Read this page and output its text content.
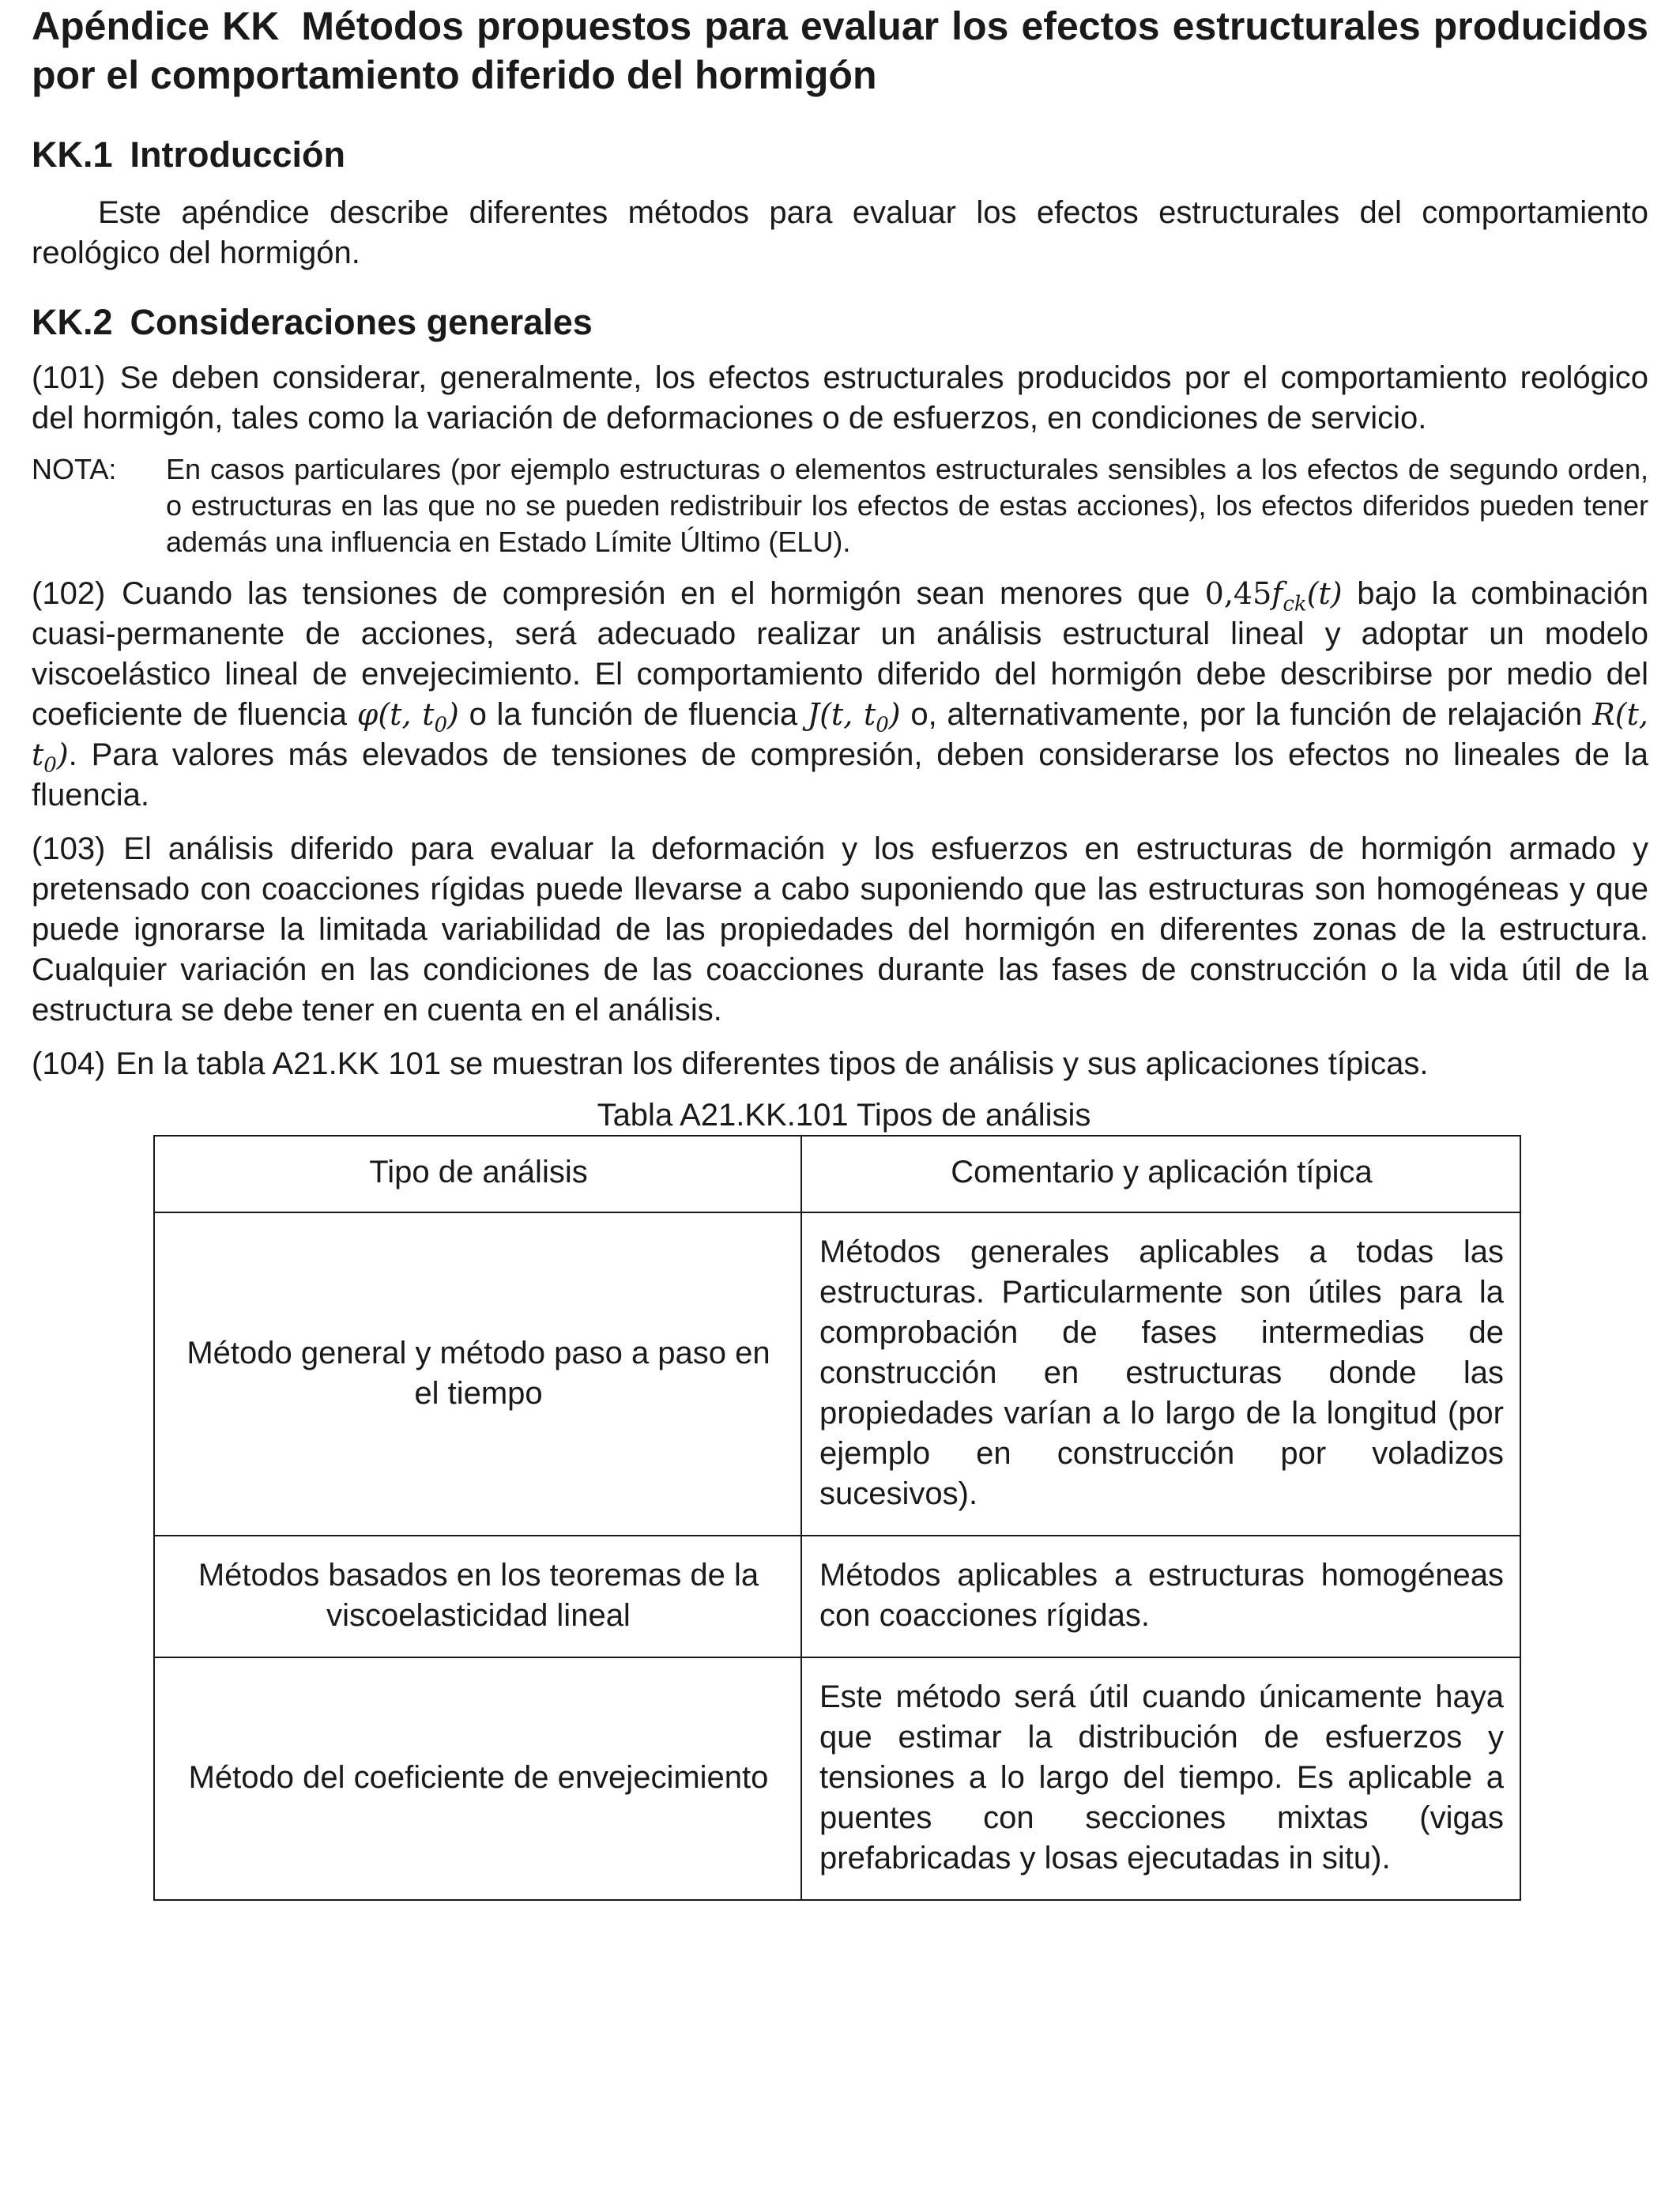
Apéndice KK Métodos propuestos para evaluar los efectos estructurales producidos por el comportamiento diferido del hormigón
KK.1 Introducción

Este apéndice describe diferentes métodos para evaluar los efectos estructurales del comportamiento reológico del hormigón.

KK.2 Consideraciones generales

(101) Se deben considerar, generalmente, los efectos estructurales producidos por el comportamiento reológico del hormigón, tales como la variación de deformaciones o de esfuerzos, en condiciones de servicio.

NOTA:	En casos particulares (por ejemplo estructuras o elementos estructurales sensibles a los efectos de segundo orden, o estructuras en las que no se pueden redistribuir los efectos de estas acciones), los efectos diferidos pueden tener además una influencia en Estado Límite Último (ELU).

(102) Cuando las tensiones de compresión en el hormigón sean menores que $0,45f_{ck}(t)$ bajo la combinación cuasi-permanente de acciones, será adecuado realizar un análisis estructural lineal y adoptar un modelo viscoelástico lineal de envejecimiento. El comportamiento diferido del hormigón debe describirse por medio del coeficiente de fluencia φ(t, $t_0$) o la función de fluencia J(t, $t_0$) o, alternativamente, por la función de relajación R(t, $t_0$). Para valores más elevados de tensiones de compresión, deben considerarse los efectos no lineales de la fluencia.

(103) El análisis diferido para evaluar la deformación y los esfuerzos en estructuras de hormigón armado y pretensado con coacciones rígidas puede llevarse a cabo suponiendo que las estructuras son homogéneas y que puede ignorarse la limitada variabilidad de las propiedades del hormigón en diferentes zonas de la estructura. Cualquier variación en las condiciones de las coacciones durante las fases de construcción o la vida útil de la estructura se debe tener en cuenta en el análisis.

(104) En la tabla A21.KK 101 se muestran los diferentes tipos de análisis y sus aplicaciones típicas.

Tabla A21.KK.101 Tipos de análisis

Tipo de análisis	Comentario y aplicación típica
Método general y método paso a paso en el tiempo	Métodos generales aplicables a todas las estructuras. Particularmente son útiles para la comprobación de fases intermedias de construcción en estructuras donde las propiedades varían a lo largo de la longitud (por ejemplo en construcción por voladizos sucesivos).
Métodos basados en los teoremas de la viscoelasticidad lineal	Métodos aplicables a estructuras homogéneas con coacciones rígidas.
Método del coeficiente de envejecimiento	Este método será útil cuando únicamente haya que estimar la distribución de esfuerzos y tensiones a lo largo del tiempo. Es aplicable a puentes con secciones mixtas (vigas prefabricadas y losas ejecutadas in situ).
